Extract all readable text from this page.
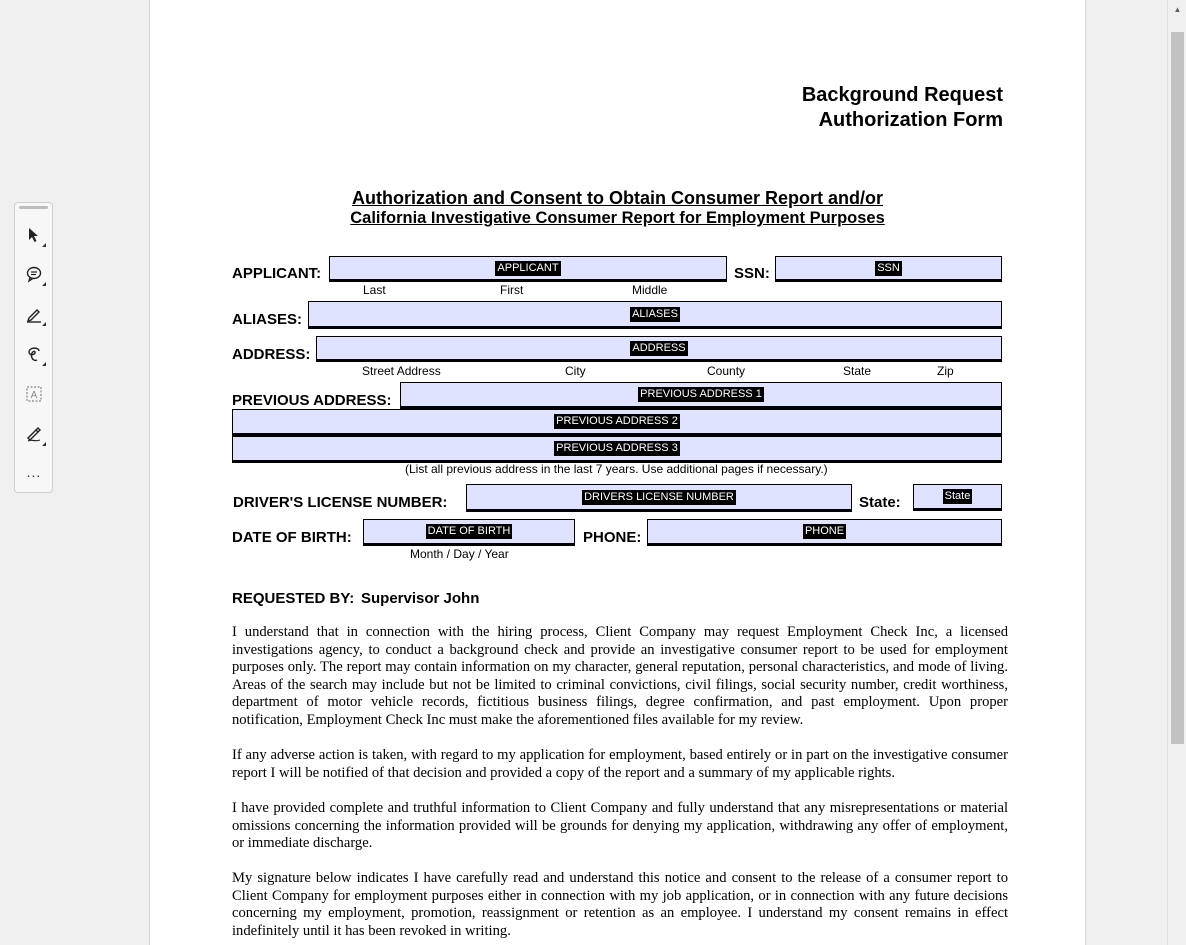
Background Request
Authorization Form
Authorization and Consent to Obtain Consumer Report and/or
California Investigative Consumer Report for Employment Purposes
APPLICANT:	APPLICANT	SSN:	SSN
Last	First	Middle
ALIASES:	ALIASES
ADDRESS:	ADDRESS
Street Address	City	County	State	Zip
PREVIOUS ADDRESS:	PREVIOUS ADDRESS 1
PREVIOUS ADDRESS 2
PREVIOUS ADDRESS 3
(List all previous address in the last 7 years. Use additional pages if necessary.)
DRIVER'S LICENSE NUMBER:	DRIVERS LICENSE NUMBER	State:	State
DATE OF BIRTH:	DATE OF BIRTH	PHONE:	PHONE
Month / Day / Year
REQUESTED BY: Supervisor John
I understand that in connection with the hiring process, Client Company may request Employment Check Inc, a licensed investigations agency, to conduct a background check and provide an investigative consumer report to be used for employment purposes only. The report may contain information on my character, general reputation, personal characteristics, and mode of living. Areas of the search may include but not be limited to criminal convictions, civil filings, social security number, credit worthiness, department of motor vehicle records, fictitious business filings, degree confirmation, and past employment. Upon proper notification, Employment Check Inc must make the aforementioned files available for my review.
If any adverse action is taken, with regard to my application for employment, based entirely or in part on the investigative consumer report I will be notified of that decision and provided a copy of the report and a summary of my applicable rights.
I have provided complete and truthful information to Client Company and fully understand that any misrepresentations or material omissions concerning the information provided will be grounds for denying my application, withdrawing any offer of employment, or immediate discharge.
My signature below indicates I have carefully read and understand this notice and consent to the release of a consumer report to Client Company for employment purposes either in connection with my job application, or in connection with any future decisions concerning my employment, promotion, reassignment or retention as an employee. I understand my consent remains in effect indefinitely until it has been revoked in writing.
A
...
▲
